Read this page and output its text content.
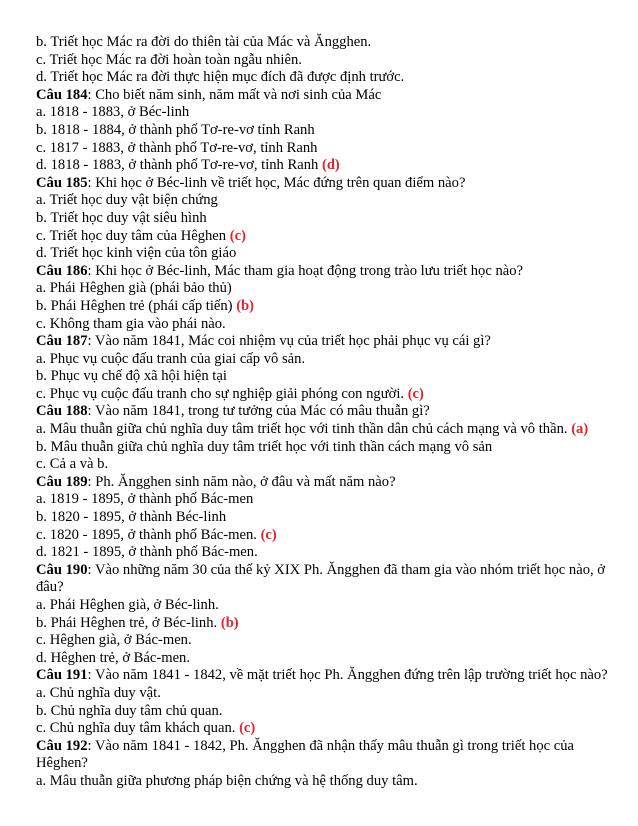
b. Triết học Mác ra đời do thiên tài của Mác và Ăngghen.
c. Triết học Mác ra đời hoàn toàn ngẫu nhiên.
d. Triết học Mác ra đời thực hiện mục đích đã được định trước.
Câu 184: Cho biết năm sinh, năm mất và nơi sinh của Mác
a. 1818 - 1883, ở Béc-linh
b. 1818 - 1884, ở thành phố Tơ-re-vơ tỉnh Ranh
c. 1817 - 1883, ở thành phố Tơ-re-vơ, tỉnh Ranh
d. 1818 - 1883, ở thành phố Tơ-re-vơ, tỉnh Ranh (d)
Câu 185: Khi học ở Béc-linh về triết học, Mác đứng trên quan điểm nào?
a. Triết học duy vật biện chứng
b. Triết học duy vật siêu hình
c. Triết học duy tâm của Hêghen (c)
d. Triết học kinh viện của tôn giáo
Câu 186: Khi học ở Béc-linh, Mác tham gia hoạt động trong trào lưu triết học nào?
a. Phái Hêghen già (phái bảo thủ)
b. Phái Hêghen trẻ (phái cấp tiến) (b)
c. Không tham gia vào phái nào.
Câu 187: Vào năm 1841, Mác coi nhiệm vụ của triết học phải phục vụ cái gì?
a. Phục vụ cuộc đấu tranh của giai cấp vô sản.
b. Phục vụ chế độ xã hội hiện tại
c. Phục vụ cuộc đấu tranh cho sự nghiệp giải phóng con người. (c)
Câu 188: Vào năm 1841, trong tư tưởng của Mác có mâu thuẫn gì?
a. Mâu thuẫn giữa chủ nghĩa duy tâm triết học với tinh thần dân chủ cách mạng và vô thần. (a)
b. Mâu thuẫn giữa chủ nghĩa duy tâm triết học với tinh thần cách mạng vô sản
c. Cả a và b.
Câu 189: Ph. Ăngghen sinh năm nào, ở đâu và mất năm nào?
a. 1819 - 1895, ở thành phố Bác-men
b. 1820 - 1895, ở thành Béc-linh
c. 1820 - 1895, ở thành phố Bác-men. (c)
d. 1821 - 1895, ở thành phố Bác-men.
Câu 190: Vào những năm 30 của thế kỷ XIX Ph. Ăngghen đã tham gia vào nhóm triết học nào, ở đâu?
a. Phái Hêghen già, ở Béc-linh.
b. Phái Hêghen trẻ, ở Béc-linh. (b)
c. Hêghen già, ở Bác-men.
d. Hêghen trẻ, ở Bác-men.
Câu 191: Vào năm 1841 - 1842, về mặt triết học Ph. Ăngghen đứng trên lập trường triết học nào?
a. Chủ nghĩa duy vật.
b. Chủ nghĩa duy tâm chủ quan.
c. Chủ nghĩa duy tâm khách quan. (c)
Câu 192: Vào năm 1841 - 1842, Ph. Ăngghen đã nhận thấy mâu thuẫn gì trong triết học của Hêghen?
a. Mâu thuẫn giữa phương pháp biện chứng và hệ thống duy tâm.
